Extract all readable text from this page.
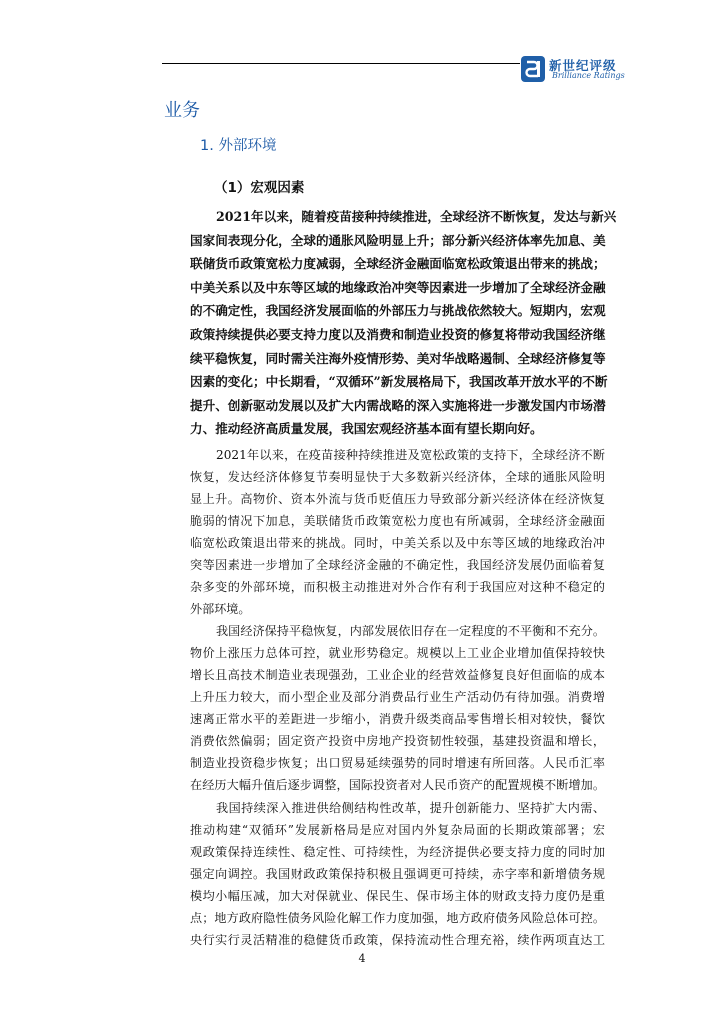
新世纪评级
Brilliance Ratings
业务
1. 外部环境
（1）宏观因素
2021年以来，随着疫苗接种持续推进，全球经济不断恢复，发达与新兴
国家间表现分化，全球的通胀风险明显上升；部分新兴经济体率先加息、美
联储货币政策宽松力度减弱，全球经济金融面临宽松政策退出带来的挑战；
中美关系以及中东等区域的地缘政治冲突等因素进一步增加了全球经济金融
的不确定性，我国经济发展面临的外部压力与挑战依然较大。短期内，宏观
政策持续提供必要支持力度以及消费和制造业投资的修复将带动我国经济继
续平稳恢复，同时需关注海外疫情形势、美对华战略遏制、全球经济修复等
因素的变化；中长期看，“双循环”新发展格局下，我国改革开放水平的不断
提升、创新驱动发展以及扩大内需战略的深入实施将进一步激发国内市场潜
力、推动经济高质量发展，我国宏观经济基本面有望长期向好。
2021年以来，在疫苗接种持续推进及宽松政策的支持下，全球经济不断
恢复，发达经济体修复节奏明显快于大多数新兴经济体，全球的通胀风险明
显上升。高物价、资本外流与货币贬值压力导致部分新兴经济体在经济恢复
脆弱的情况下加息，美联储货币政策宽松力度也有所减弱，全球经济金融面
临宽松政策退出带来的挑战。同时，中美关系以及中东等区域的地缘政治冲
突等因素进一步增加了全球经济金融的不确定性，我国经济发展仍面临着复
杂多变的外部环境，而积极主动推进对外合作有利于我国应对这种不稳定的
外部环境。
我国经济保持平稳恢复，内部发展依旧存在一定程度的不平衡和不充分。
物价上涨压力总体可控，就业形势稳定。规模以上工业企业增加值保持较快
增长且高技术制造业表现强劲，工业企业的经营效益修复良好但面临的成本
上升压力较大，而小型企业及部分消费品行业生产活动仍有待加强。消费增
速离正常水平的差距进一步缩小，消费升级类商品零售增长相对较快，餐饮
消费依然偏弱；固定资产投资中房地产投资韧性较强，基建投资温和增长，
制造业投资稳步恢复；出口贸易延续强势的同时增速有所回落。人民币汇率
在经历大幅升值后逐步调整，国际投资者对人民币资产的配置规模不断增加。
我国持续深入推进供给侧结构性改革，提升创新能力、坚持扩大内需、
推动构建“双循环”发展新格局是应对国内外复杂局面的长期政策部署；宏
观政策保持连续性、稳定性、可持续性，为经济提供必要支持力度的同时加
强定向调控。我国财政政策保持积极且强调更可持续，赤字率和新增债务规
模均小幅压减，加大对保就业、保民生、保市场主体的财政支持力度仍是重
点；地方政府隐性债务风险化解工作力度加强，地方政府债务风险总体可控。
央行实行灵活精准的稳健货币政策，保持流动性合理充裕，续作两项直达工
4
